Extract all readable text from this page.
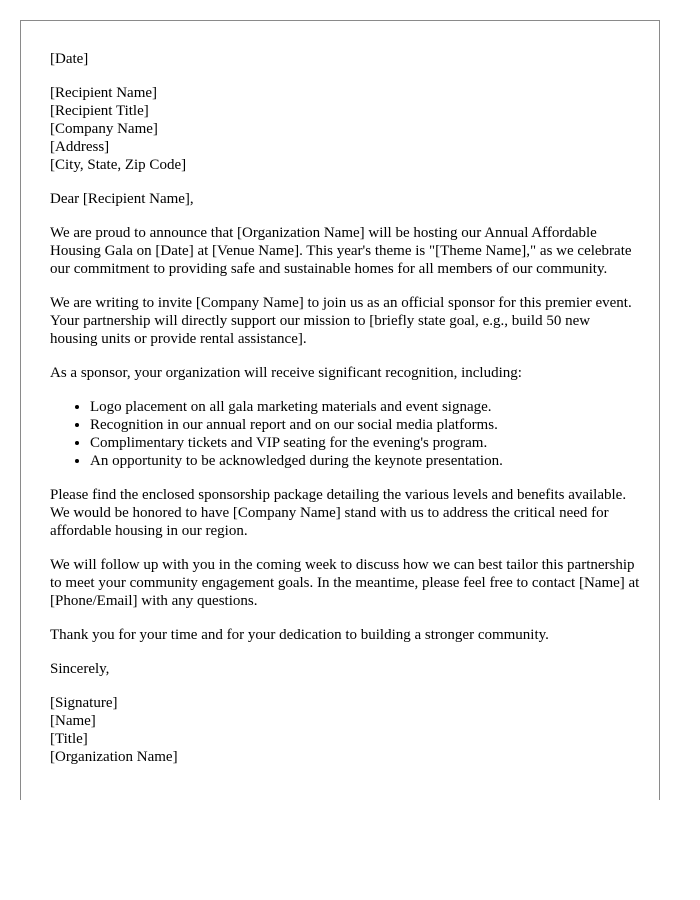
[Date]
[Recipient Name]
[Recipient Title]
[Company Name]
[Address]
[City, State, Zip Code]
Dear [Recipient Name],

We are proud to announce that [Organization Name] will be hosting our Annual Affordable Housing Gala on [Date] at [Venue Name]. This year's theme is "[Theme Name]," as we celebrate our commitment to providing safe and sustainable homes for all members of our community.

We are writing to invite [Company Name] to join us as an official sponsor for this premier event. Your partnership will directly support our mission to [briefly state goal, e.g., build 50 new housing units or provide rental assistance].

As a sponsor, your organization will receive significant recognition, including:

• Logo placement on all gala marketing materials and event signage.
• Recognition in our annual report and on our social media platforms.
• Complimentary tickets and VIP seating for the evening's program.
• An opportunity to be acknowledged during the keynote presentation.

Please find the enclosed sponsorship package detailing the various levels and benefits available. We would be honored to have [Company Name] stand with us to address the critical need for affordable housing in our region.

We will follow up with you in the coming week to discuss how we can best tailor this partnership to meet your community engagement goals. In the meantime, please feel free to contact [Name] at [Phone/Email] with any questions.

Thank you for your time and for your dedication to building a stronger community.

Sincerely,
[Signature]
[Name]
[Title]
[Organization Name]
